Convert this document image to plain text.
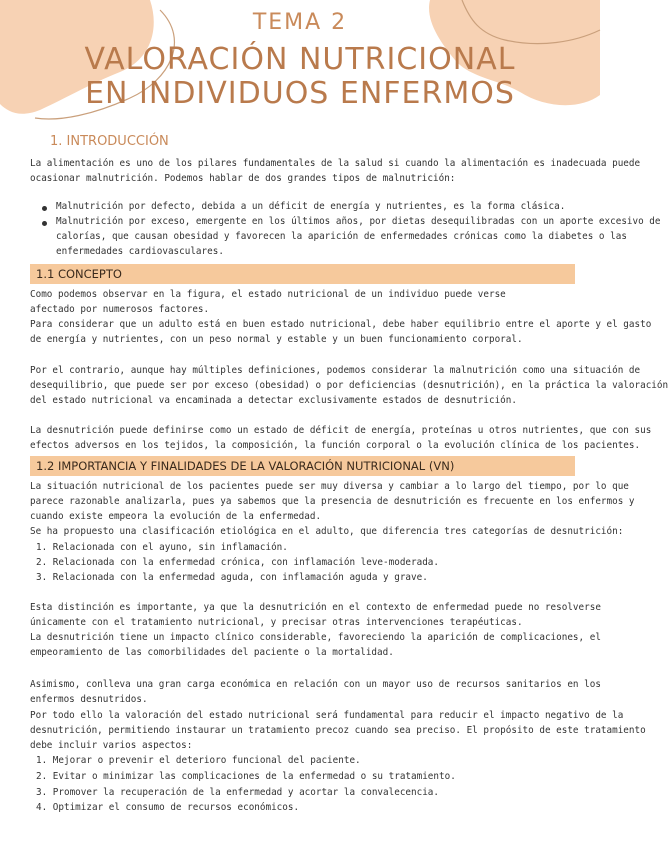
TEMA 2
VALORACIÓN NUTRICIONAL
EN INDIVIDUOS ENFERMOS
1. INTRODUCCIÓN
La alimentación es uno de los pilares fundamentales de la salud si cuando la alimentación es inadecuada puede
ocasionar malnutrición. Podemos hablar de dos grandes tipos de malnutrición:
Malnutrición por defecto, debida a un déficit de energía y nutrientes, es la forma clásica.
Malnutrición por exceso, emergente en los últimos años, por dietas desequilibradas con un aporte excesivo de
calorías, que causan obesidad y favorecen la aparición de enfermedades crónicas como la diabetes o las
enfermedades cardiovasculares.
1.1 CONCEPTO
Como podemos observar en la figura, el estado nutricional de un individuo puede verse
afectado por numerosos factores.
Para considerar que un adulto está en buen estado nutricional, debe haber equilibrio entre el aporte y el gasto
de energía y nutrientes, con un peso normal y estable y un buen funcionamiento corporal.
Por el contrario, aunque hay múltiples definiciones, podemos considerar la malnutrición como una situación de
desequilibrio, que puede ser por exceso (obesidad) o por deficiencias (desnutrición), en la práctica la valoración
del estado nutricional va encaminada a detectar exclusivamente estados de desnutrición.
La desnutrición puede definirse como un estado de déficit de energía, proteínas u otros nutrientes, que con sus
efectos adversos en los tejidos, la composición, la función corporal o la evolución clínica de los pacientes.
1.2 IMPORTANCIA Y FINALIDADES DE LA VALORACIÓN NUTRICIONAL (VN)
La situación nutricional de los pacientes puede ser muy diversa y cambiar a lo largo del tiempo, por lo que
parece razonable analizarla, pues ya sabemos que la presencia de desnutrición es frecuente en los enfermos y
cuando existe empeora la evolución de la enfermedad.
Se ha propuesto una clasificación etiológica en el adulto, que diferencia tres categorías de desnutrición:
1. Relacionada con el ayuno, sin inflamación.
2. Relacionada con la enfermedad crónica, con inflamación leve-moderada.
3. Relacionada con la enfermedad aguda, con inflamación aguda y grave.
Esta distinción es importante, ya que la desnutrición en el contexto de enfermedad puede no resolverse
únicamente con el tratamiento nutricional, y precisar otras intervenciones terapéuticas.
La desnutrición tiene un impacto clínico considerable, favoreciendo la aparición de complicaciones, el
empeoramiento de las comorbilidades del paciente o la mortalidad.
Asimismo, conlleva una gran carga económica en relación con un mayor uso de recursos sanitarios en los
enfermos desnutridos.
Por todo ello la valoración del estado nutricional será fundamental para reducir el impacto negativo de la
desnutrición, permitiendo instaurar un tratamiento precoz cuando sea preciso. El propósito de este tratamiento
debe incluir varios aspectos:
1. Mejorar o prevenir el deterioro funcional del paciente.
2. Evitar o minimizar las complicaciones de la enfermedad o su tratamiento.
3. Promover la recuperación de la enfermedad y acortar la convalecencia.
4. Optimizar el consumo de recursos económicos.
